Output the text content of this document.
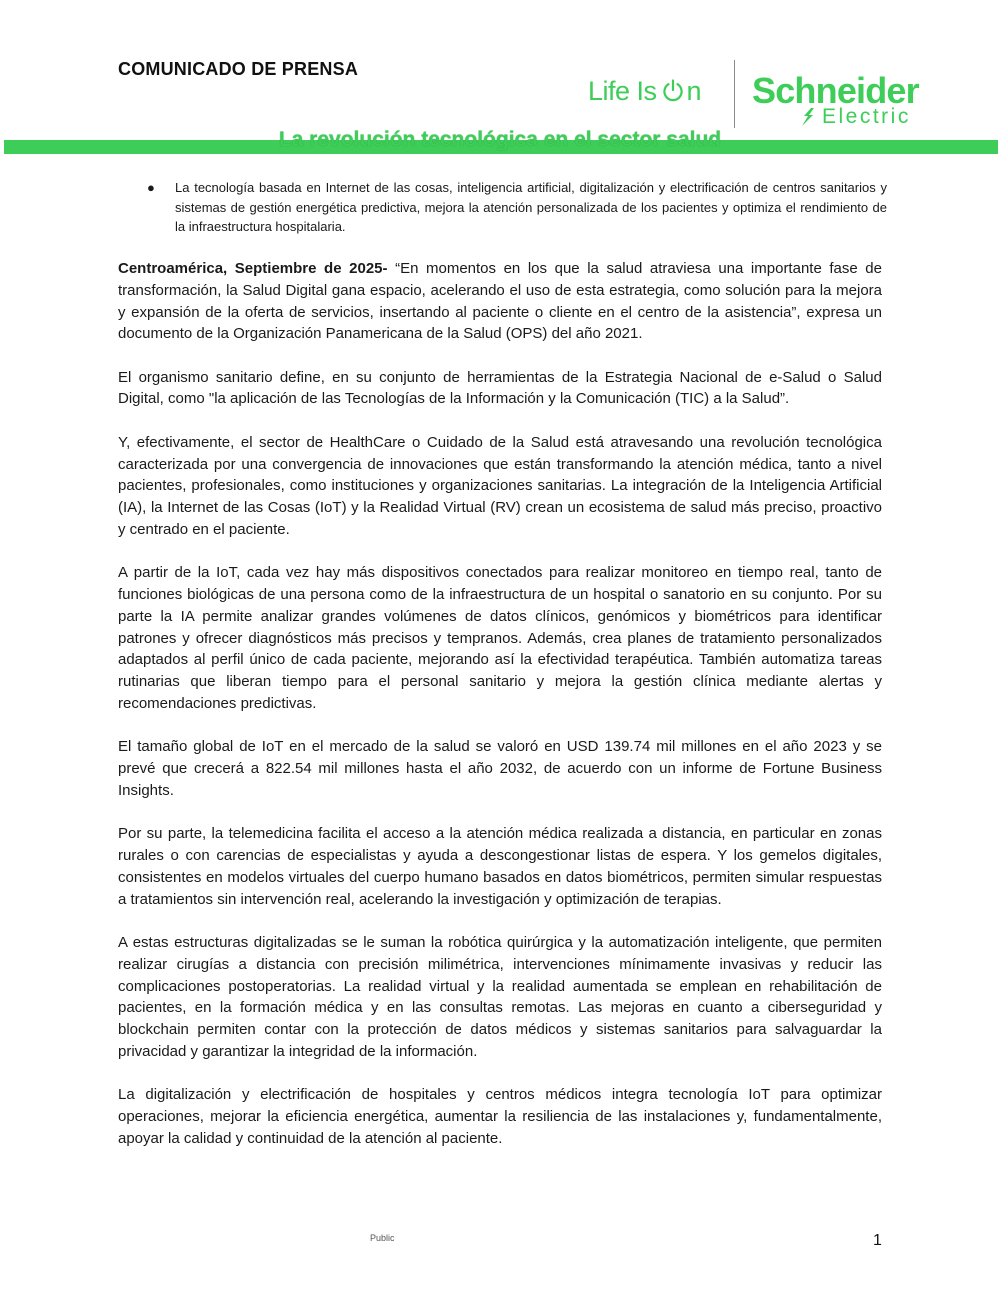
COMUNICADO DE PRENSA
Life Is n Schneider
Electric
La revolución tecnológica en el sector salud
●	La tecnología basada en Internet de las cosas, inteligencia artificial, digitalización y electrificación de centros sanitarios y sistemas de gestión energética predictiva, mejora la atención personalizada de los pacientes y optimiza el rendimiento de la infraestructura hospitalaria.

Centroamérica, Septiembre de 2025- “En momentos en los que la salud atraviesa una importante fase de transformación, la Salud Digital gana espacio, acelerando el uso de esta estrategia, como solución para la mejora y expansión de la oferta de servicios, insertando al paciente o cliente en el centro de la asistencia”, expresa un documento de la Organización Panamericana de la Salud (OPS) del año 2021.

El organismo sanitario define, en su conjunto de herramientas de la Estrategia Nacional de e-Salud o Salud Digital, como "la aplicación de las Tecnologías de la Información y la Comunicación (TIC) a la Salud”.

Y, efectivamente, el sector de HealthCare o Cuidado de la Salud está atravesando una revolución tecnológica caracterizada por una convergencia de innovaciones que están transformando la atención médica, tanto a nivel pacientes, profesionales, como instituciones y organizaciones sanitarias. La integración de la Inteligencia Artificial (IA), la Internet de las Cosas (IoT) y la Realidad Virtual (RV) crean un ecosistema de salud más preciso, proactivo y centrado en el paciente.

A partir de la IoT, cada vez hay más dispositivos conectados para realizar monitoreo en tiempo real, tanto de funciones biológicas de una persona como de la infraestructura de un hospital o sanatorio en su conjunto. Por su parte la IA permite analizar grandes volúmenes de datos clínicos, genómicos y biométricos para identificar patrones y ofrecer diagnósticos más precisos y tempranos. Además, crea planes de tratamiento personalizados adaptados al perfil único de cada paciente, mejorando así la efectividad terapéutica. También automatiza tareas rutinarias que liberan tiempo para el personal sanitario y mejora la gestión clínica mediante alertas y recomendaciones predictivas.

El tamaño global de IoT en el mercado de la salud se valoró en USD 139.74 mil millones en el año 2023 y se prevé que crecerá a 822.54 mil millones hasta el año 2032, de acuerdo con un informe de Fortune Business Insights.

Por su parte, la telemedicina facilita el acceso a la atención médica realizada a distancia, en particular en zonas rurales o con carencias de especialistas y ayuda a descongestionar listas de espera. Y los gemelos digitales, consistentes en modelos virtuales del cuerpo humano basados en datos biométricos, permiten simular respuestas a tratamientos sin intervención real, acelerando la investigación y optimización de terapias.

A estas estructuras digitalizadas se le suman la robótica quirúrgica y la automatización inteligente, que permiten realizar cirugías a distancia con precisión milimétrica, intervenciones mínimamente invasivas y reducir las complicaciones postoperatorias. La realidad virtual y la realidad aumentada se emplean en rehabilitación de pacientes, en la formación médica y en las consultas remotas. Las mejoras en cuanto a ciberseguridad y blockchain permiten contar con la protección de datos médicos y sistemas sanitarios para salvaguardar la privacidad y garantizar la integridad de la información.

La digitalización y electrificación de hospitales y centros médicos integra tecnología IoT para optimizar operaciones, mejorar la eficiencia energética, aumentar la resiliencia de las instalaciones y, fundamentalmente, apoyar la calidad y continuidad de la atención al paciente.

Public	1
